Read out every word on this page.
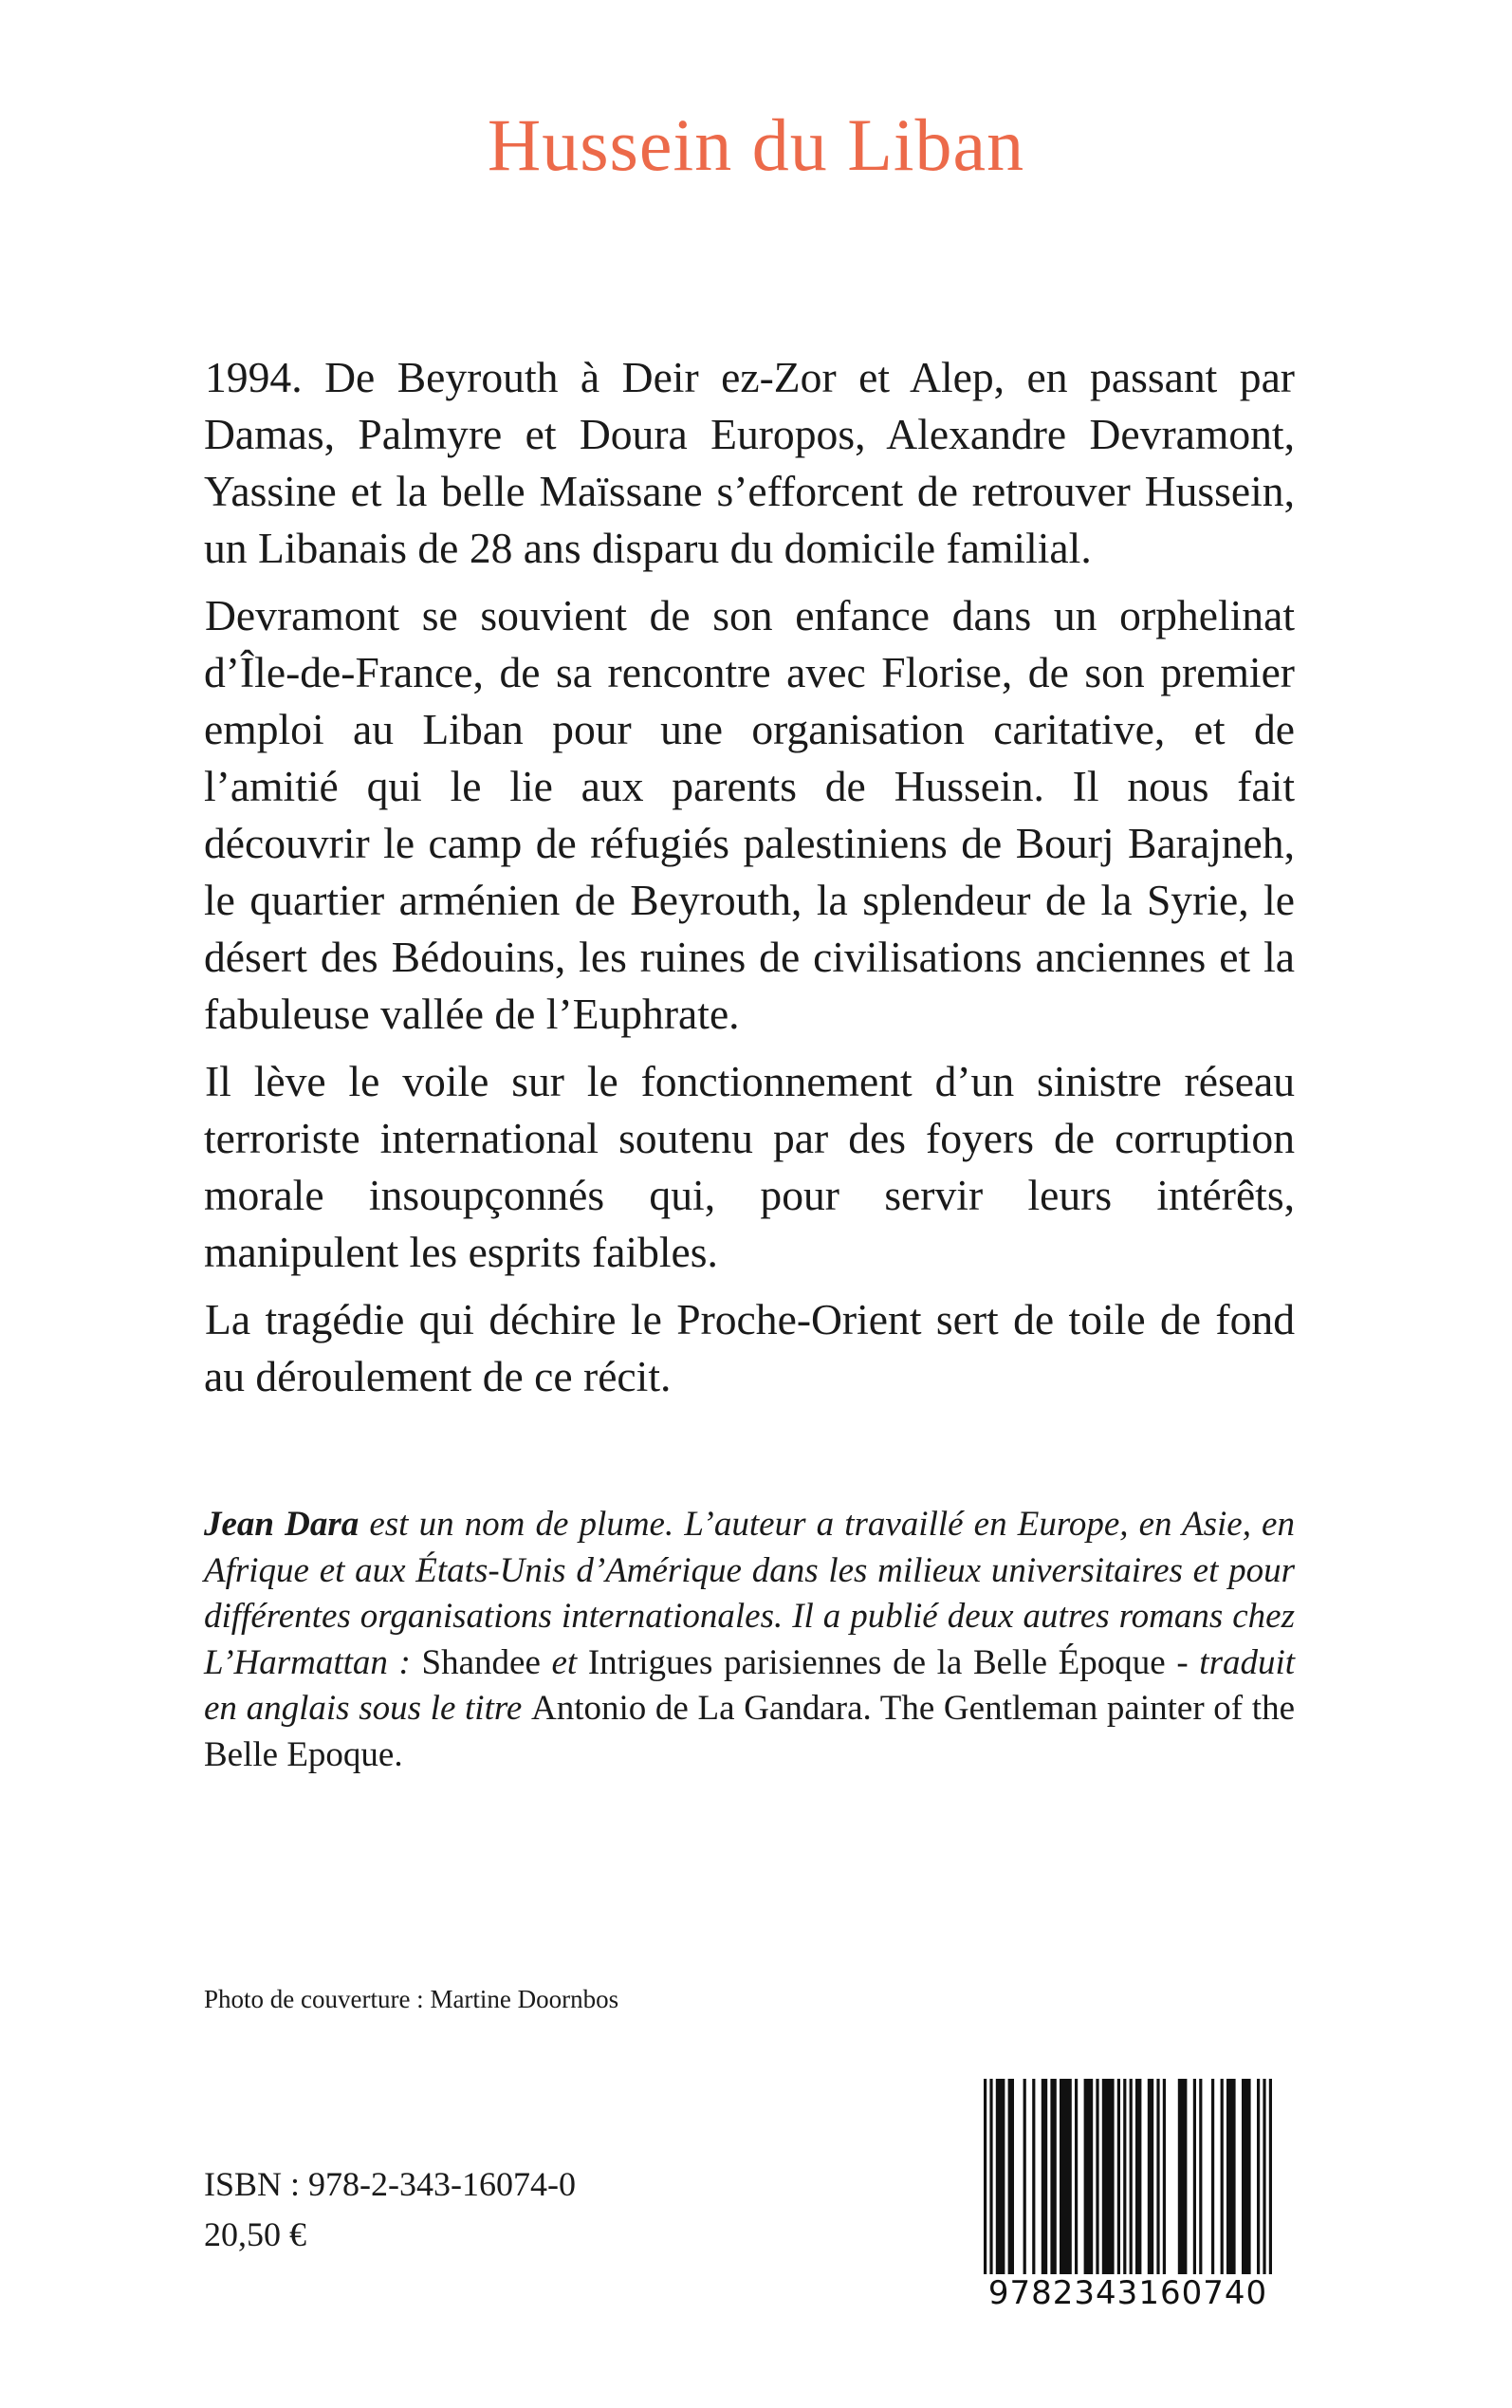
Hussein du Liban

1994. De Beyrouth à Deir ez-Zor et Alep, en passant par Damas, Palmyre et Doura Europos, Alexandre Devramont, Yassine et la belle Maïssane s’efforcent de retrouver Hussein, un Libanais de 28 ans disparu du domicile familial.

Devramont se souvient de son enfance dans un orphelinat d’Île-de-France, de sa rencontre avec Florise, de son premier emploi au Liban pour une organisation caritative, et de l’amitié qui le lie aux parents de Hussein. Il nous fait découvrir le camp de réfugiés palestiniens de Bourj Barajneh, le quartier arménien de Beyrouth, la splendeur de la Syrie, le désert des Bédouins, les ruines de civilisations anciennes et la fabuleuse vallée de l’Euphrate.

Il lève le voile sur le fonctionnement d’un sinistre réseau terroriste international soutenu par des foyers de corruption morale insoupçonnés qui, pour servir leurs intérêts, manipulent les esprits faibles.

La tragédie qui déchire le Proche-Orient sert de toile de fond au déroulement de ce récit.

Jean Dara est un nom de plume. L’auteur a travaillé en Europe, en Asie, en Afrique et aux États-Unis d’Amérique dans les milieux universitaires et pour différentes organisations internationales. Il a publié deux autres romans chez L’Harmattan : Shandee et Intrigues parisiennes de la Belle Époque - traduit en anglais sous le titre Antonio de La Gandara. The Gentleman painter of the Belle Epoque.
Photo de couverture : Martine Doornbos
ISBN : 978-2-343-16074-0
20,50 €
9782343160740
